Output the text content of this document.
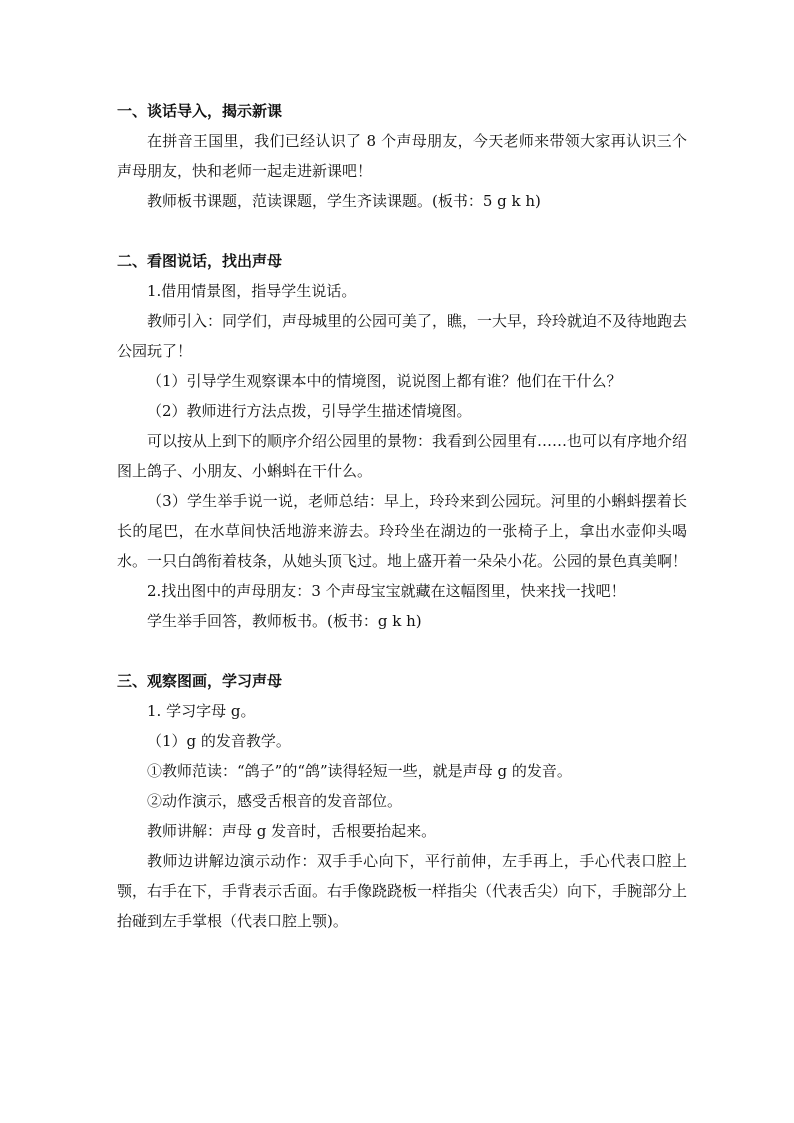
一、谈话导入，揭示新课

在拼音王国里，我们已经认识了 8 个声母朋友，今天老师来带领大家再认识三个声母朋友，快和老师一起走进新课吧！

教师板书课题，范读课题，学生齐读课题。(板书：5 g k h)

二、看图说话，找出声母

1.借用情景图，指导学生说话。

教师引入：同学们，声母城里的公园可美了，瞧，一大早，玲玲就迫不及待地跑去公园玩了！

（1）引导学生观察课本中的情境图，说说图上都有谁？他们在干什么？

（2）教师进行方法点拨，引导学生描述情境图。

可以按从上到下的顺序介绍公园里的景物：我看到公园里有……也可以有序地介绍图上鸽子、小朋友、小蝌蚪在干什么。

（3）学生举手说一说，老师总结：早上，玲玲来到公园玩。河里的小蝌蚪摆着长长的尾巴，在水草间快活地游来游去。玲玲坐在湖边的一张椅子上，拿出水壶仰头喝水。一只白鸽衔着枝条，从她头顶飞过。地上盛开着一朵朵小花。公园的景色真美啊！

2.找出图中的声母朋友：3 个声母宝宝就藏在这幅图里，快来找一找吧！

学生举手回答，教师板书。(板书：g k h)

三、观察图画，学习声母

1. 学习字母 g。

（1）g 的发音教学。

①教师范读：“鸽子”的“鸽”读得轻短一些，就是声母 g 的发音。

②动作演示，感受舌根音的发音部位。

教师讲解：声母 g 发音时，舌根要抬起来。

教师边讲解边演示动作：双手手心向下，平行前伸，左手再上，手心代表口腔上颚，右手在下，手背表示舌面。右手像跷跷板一样指尖（代表舌尖）向下，手腕部分上抬碰到左手掌根（代表口腔上颚)。
